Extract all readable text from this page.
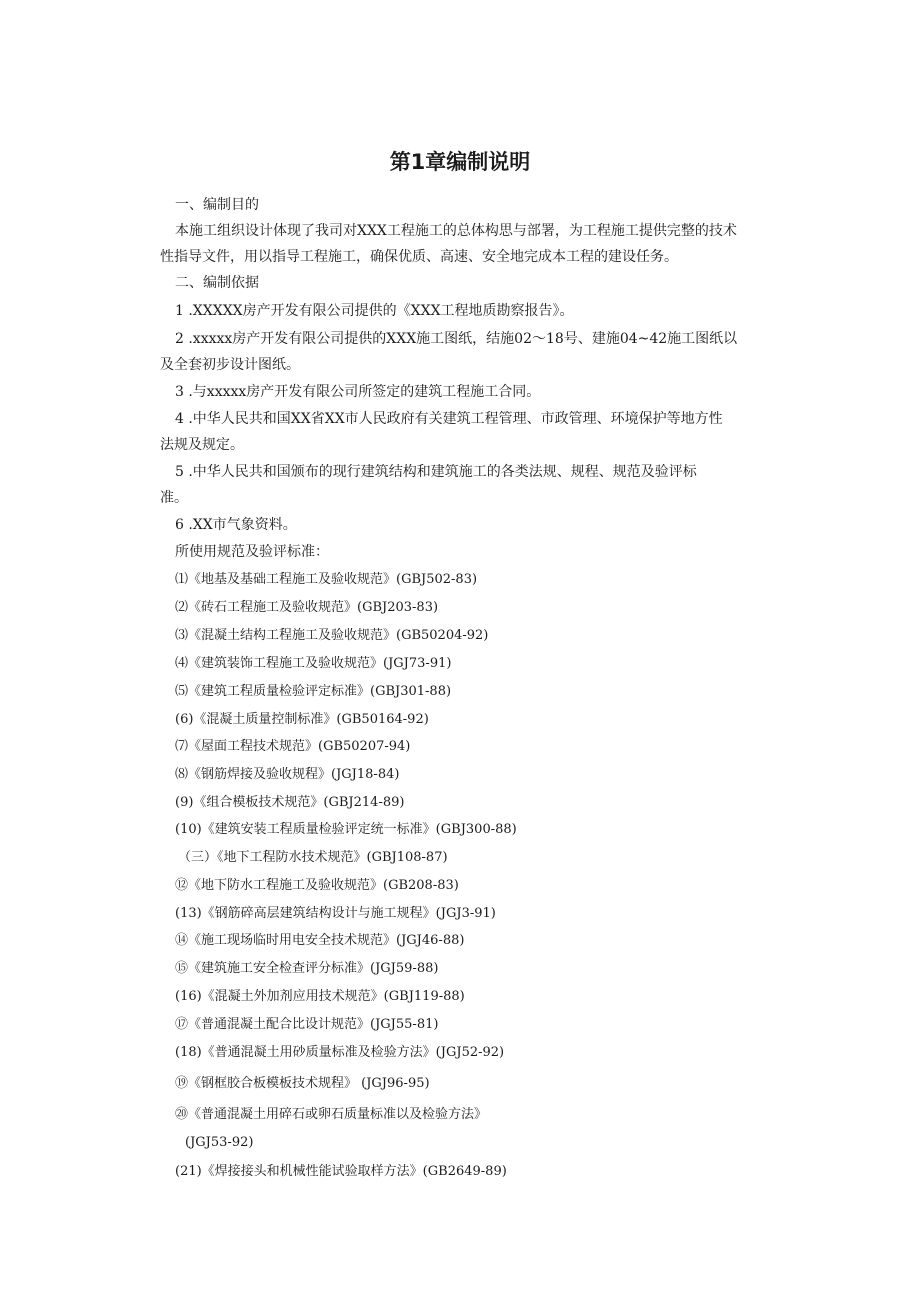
第1章编制说明
一、编制目的
本施工组织设计体现了我司对XXX工程施工的总体构思与部署，为工程施工提供完整的技术
性指导文件，用以指导工程施工，确保优质、高速、安全地完成本工程的建设任务。
二、编制依据
1 .XXXXX房产开发有限公司提供的《XXX工程地质勘察报告》。
2 .xxxxx房产开发有限公司提供的XXX施工图纸，结施02〜18号、建施04~42施工图纸以
及全套初步设计图纸。
3 .与xxxxx房产开发有限公司所签定的建筑工程施工合同。
4 .中华人民共和国XX省XX市人民政府有关建筑工程管理、市政管理、环境保护等地方性
法规及规定。
5 .中华人民共和国颁布的现行建筑结构和建筑施工的各类法规、规程、规范及验评标
准。
6 .XX市气象资料。
所使用规范及验评标准：
⑴《地基及基础工程施工及验收规范》(GBJ502-83)
⑵《砖石工程施工及验收规范》(GBJ203-83)
⑶《混凝土结构工程施工及验收规范》(GB50204-92)
⑷《建筑装饰工程施工及验收规范》(JGJ73-91)
⑸《建筑工程质量检验评定标准》(GBJ301-88)
(6)《混凝土质量控制标准》(GB50164-92)
⑺《屋面工程技术规范》(GB50207-94)
⑻《钢筋焊接及验收规程》(JGJ18-84)
(9)《组合模板技术规范》(GBJ214-89)
(10)《建筑安装工程质量检验评定统一标准》(GBJ300-88)
（三）《地下工程防水技术规范》(GBJ108-87)
⑫《地下防水工程施工及验收规范》(GB208-83)
(13)《钢筋碎高层建筑结构设计与施工规程》(JGJ3-91)
⑭《施工现场临时用电安全技术规范》(JGJ46-88)
⑮《建筑施工安全检查评分标准》(JGJ59-88)
(16)《混凝土外加剂应用技术规范》(GBJ119-88)
⑰《普通混凝土配合比设计规范》(JGJ55-81)
(18)《普通混凝土用砂质量标准及检验方法》(JGJ52-92)
⑲《钢框胶合板模板技术规程》 (JGJ96-95)
⑳《普通混凝土用碎石或卵石质量标准以及检验方法》
(JGJ53-92)
(21)《焊接接头和机械性能试验取样方法》(GB2649-89)
